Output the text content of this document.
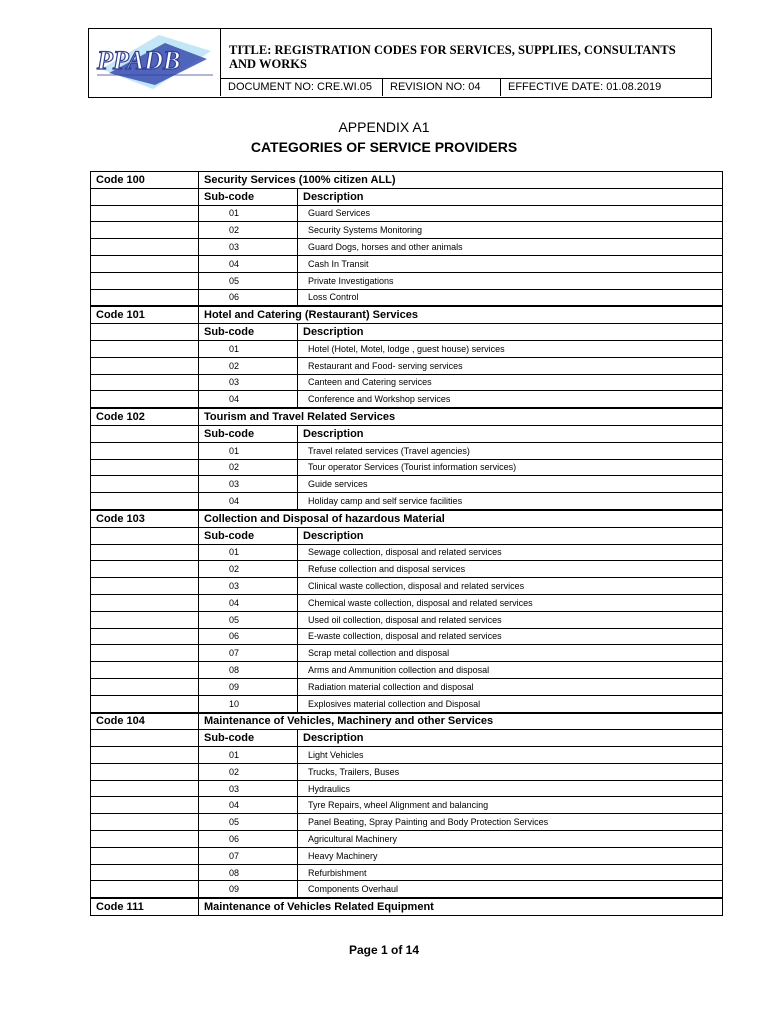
PPADB	TITLE: REGISTRATION CODES FOR SERVICES, SUPPLIES, CONSULTANTS AND WORKS
DOCUMENT NO: CRE.WI.05	REVISION NO: 04	EFFECTIVE DATE: 01.08.2019
APPENDIX A1
CATEGORIES OF SERVICE PROVIDERS
Code 100	Security Services (100% citizen ALL)	
	Sub-code	Description
	01	Guard Services
	02	Security Systems Monitoring
	03	Guard Dogs, horses and other animals
	04	Cash In Transit
	05	Private Investigations
	06	Loss Control
Code 101	Hotel and Catering (Restaurant) Services	
	Sub-code	Description
	01	Hotel (Hotel, Motel, lodge , guest house) services
	02	Restaurant and Food- serving services
	03	Canteen and Catering services
	04	Conference and Workshop services
Code 102	Tourism and Travel Related Services	
	Sub-code	Description
	01	Travel related services (Travel agencies)
	02	Tour operator Services (Tourist information services)
	03	Guide services
	04	Holiday camp and self service facilities
Code 103	Collection and Disposal of hazardous Material	
	Sub-code	Description
	01	Sewage collection, disposal and related services
	02	Refuse collection and disposal services
	03	Clinical waste collection, disposal and related services
	04	Chemical waste collection, disposal and related services
	05	Used oil collection, disposal and related services
	06	E-waste collection, disposal and related services
	07	Scrap metal collection and disposal
	08	Arms and Ammunition collection and disposal
	09	Radiation material collection and disposal
	10	Explosives material collection and Disposal
Code 104	Maintenance of Vehicles, Machinery and other Services	
	Sub-code	Description
	01	Light Vehicles
	02	Trucks, Trailers, Buses
	03	Hydraulics
	04	Tyre Repairs, wheel Alignment and balancing
	05	Panel Beating, Spray Painting and Body Protection Services
	06	Agricultural Machinery
	07	Heavy Machinery
	08	Refurbishment
	09	Components Overhaul
Code 111	Maintenance of Vehicles Related Equipment	
Page 1 of 14
